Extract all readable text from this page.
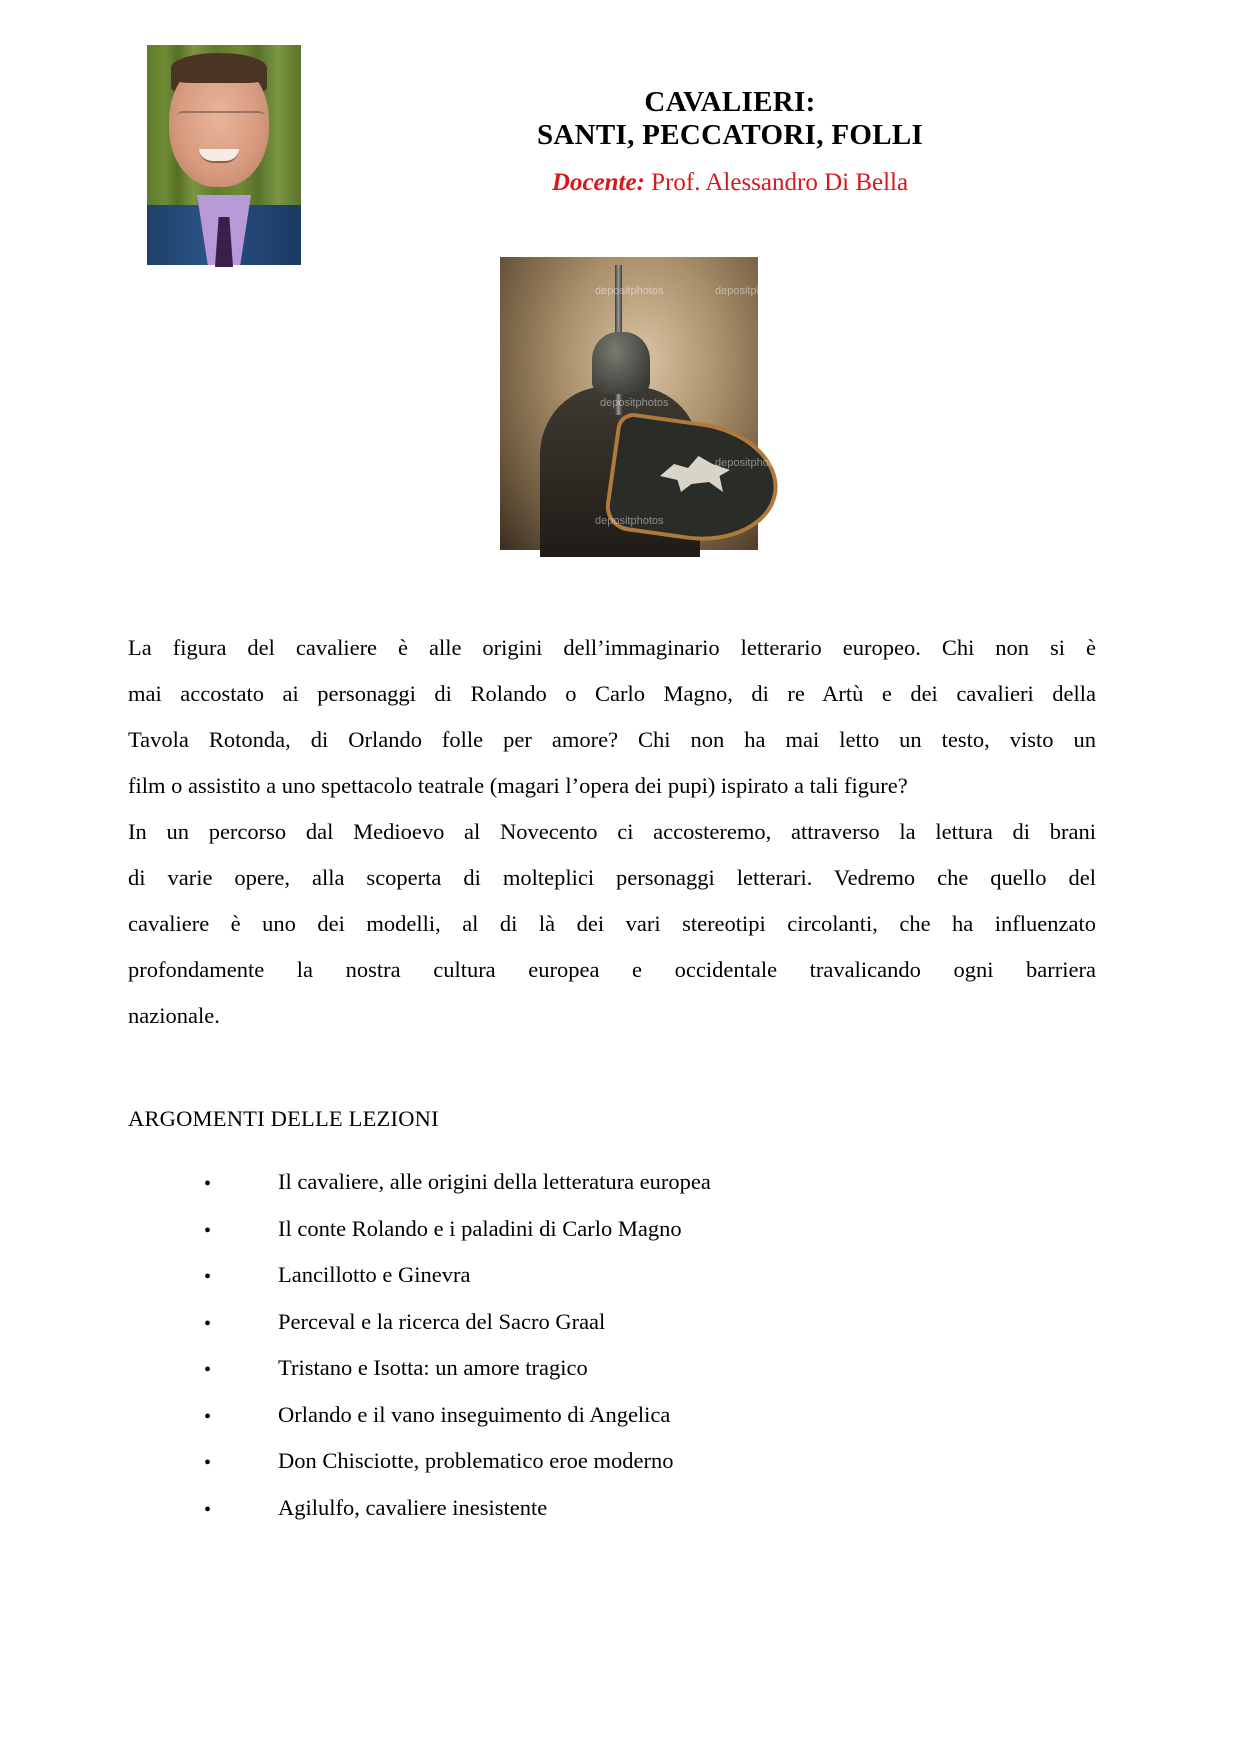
CAVALIERI:
SANTI, PECCATORI, FOLLI
Docente: Prof. Alessandro Di Bella
depositphotos	depositphotos
depositphotos
depositphotos
depositphotos
La figura del cavaliere è alle origini dell’immaginario letterario europeo. Chi non si è
mai accostato ai personaggi di Rolando o Carlo Magno, di re Artù e dei cavalieri della
Tavola Rotonda, di Orlando folle per amore? Chi non ha mai letto un testo, visto un
film o assistito a uno spettacolo teatrale (magari l’opera dei pupi) ispirato a tali figure?
In un percorso dal Medioevo al Novecento ci accosteremo, attraverso la lettura di brani
di varie opere, alla scoperta di molteplici personaggi letterari. Vedremo che quello del
cavaliere è uno dei modelli, al di là dei vari stereotipi circolanti, che ha influenzato
profondamente la nostra cultura europea e occidentale travalicando ogni barriera
nazionale.
ARGOMENTI DELLE LEZIONI
•	Il cavaliere, alle origini della letteratura europea
•	Il conte Rolando e i paladini di Carlo Magno
•	Lancillotto e Ginevra
•	Perceval e la ricerca del Sacro Graal
•	Tristano e Isotta: un amore tragico
•	Orlando e il vano inseguimento di Angelica
•	Don Chisciotte, problematico eroe moderno
•	Agilulfo, cavaliere inesistente
